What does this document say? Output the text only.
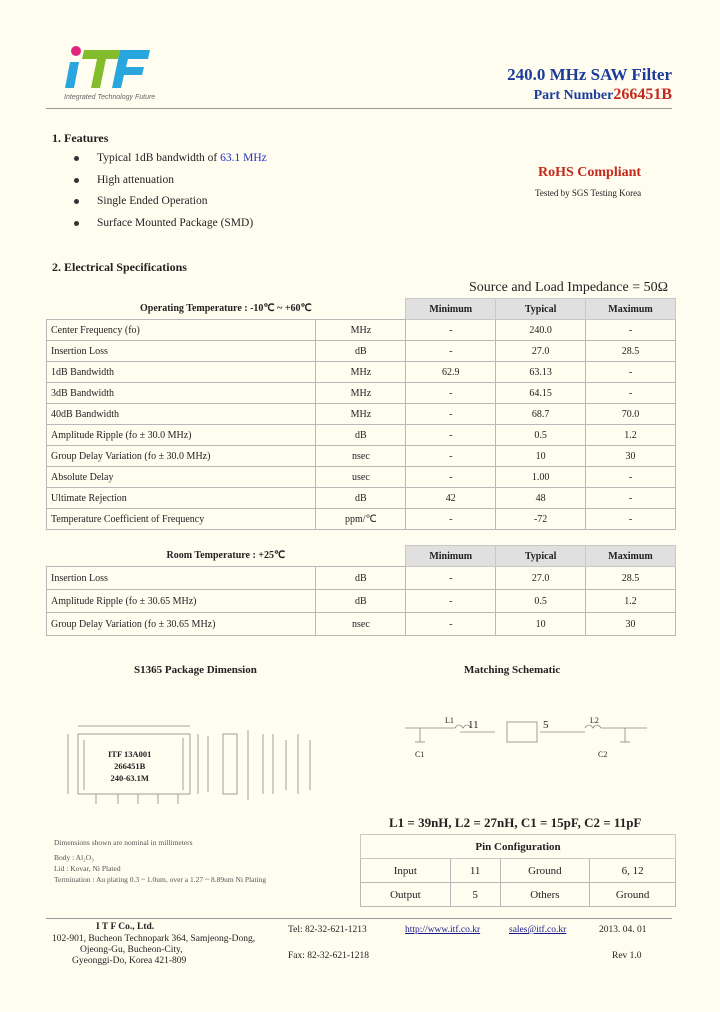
Integrated Technology Future
240.0 MHz SAW Filter
Part Number266451B
1. Features
Typical 1dB bandwidth of 63.1 MHz
High attenuation
Single Ended Operation
Surface Mounted Package (SMD)
RoHS Compliant
Tested by SGS Testing Korea
2. Electrical Specifications
Source and Load Impedance = 50Ω
Operating Temperature : -10℃ ~ +60℃		Minimum	Typical	Maximum
Center Frequency (fo)	MHz	-	240.0	-
Insertion Loss	dB	-	27.0	28.5
1dB Bandwidth	MHz	62.9	63.13	-
3dB Bandwidth	MHz	-	64.15	-
40dB Bandwidth	MHz	-	68.7	70.0
Amplitude Ripple (fo ± 30.0 MHz)	dB	-	0.5	1.2
Group Delay Variation (fo ± 30.0 MHz)	nsec	-	10	30
Absolute Delay	usec	-	1.00	-
Ultimate Rejection	dB	42	48	-
Temperature Coefficient of Frequency	ppm/℃	-	-72	-
Room Temperature : +25℃		Minimum	Typical	Maximum
Insertion Loss	dB	-	27.0	28.5
Amplitude Ripple (fo ± 30.65 MHz)	dB	-	0.5	1.2
Group Delay Variation (fo ± 30.65 MHz)	nsec	-	10	30
S1365 Package Dimension
ITF 13A001
266451B
240-63.1M
Dimensions shown are nominal in millimeters
Body : Al₂O₃
Lid : Kovar, Ni Plated
Termination : Au plating 0.3 ~ 1.0um, over a 1.27 ~ 8.89um Ni Plating
Matching Schematic
L1 11	5	L2
C1	C2
L1 = 39nH, L2 = 27nH, C1 = 15pF, C2 = 11pF
Pin Configuration			
Input	11	Ground	6, 12
Output	5	Others	Ground
I T F Co., Ltd.
102-901, Bucheon Technopark 364, Samjeong-Dong,
Ojeong-Gu, Bucheon-City,
Gyeonggi-Do, Korea 421-809
Tel: 82-32-621-1213
Fax: 82-32-621-1218
http://www.itf.co.kr	sales@itf.co.kr	2013. 04. 01
Rev 1.0
